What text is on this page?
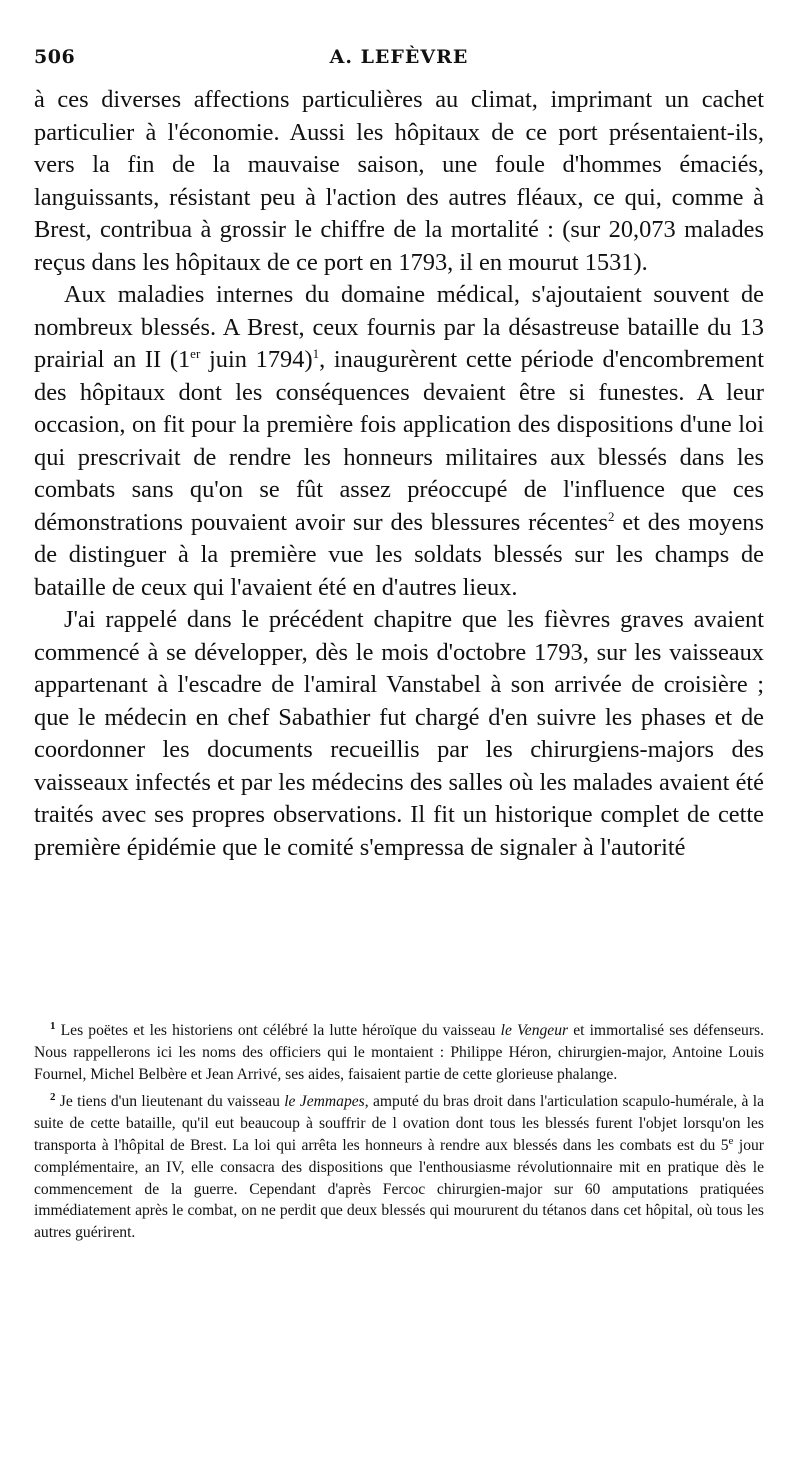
506	A. LEFÈVRE

à ces diverses affections particulières au climat, imprimant un cachet particulier à l'économie. Aussi les hôpitaux de ce port présentaient-ils, vers la fin de la mauvaise saison, une foule d'hommes émaciés, languissants, résistant peu à l'action des autres fléaux, ce qui, comme à Brest, contribua à grossir le chiffre de la mortalité : (sur 20,073 malades reçus dans les hôpitaux de ce port en 1793, il en mourut 1531).

Aux maladies internes du domaine médical, s'ajoutaient souvent de nombreux blessés. A Brest, ceux fournis par la désastreuse bataille du 13 prairial an II (1er juin 1794)$^1$, inaugurèrent cette période d'encombrement des hôpitaux dont les conséquences devaient être si funestes. A leur occasion, on fit pour la première fois application des dispositions d'une loi qui prescrivait de rendre les honneurs militaires aux blessés dans les combats sans qu'on se fût assez préoccupé de l'influence que ces démonstrations pouvaient avoir sur des blessures récentes$^2$ et des moyens de distinguer à la première vue les soldats blessés sur les champs de bataille de ceux qui l'avaient été en d'autres lieux.

J'ai rappelé dans le précédent chapitre que les fièvres graves avaient commencé à se développer, dès le mois d'octobre 1793, sur les vaisseaux appartenant à l'escadre de l'amiral Vanstabel à son arrivée de croisière ; que le médecin en chef Sabathier fut chargé d'en suivre les phases et de coordonner les documents recueillis par les chirurgiens-majors des vaisseaux infectés et par les médecins des salles où les malades avaient été traités avec ses propres observations. Il fit un historique complet de cette première épidémie que le comité s'empressa de signaler à l'autorité

$^1$ Les poëtes et les historiens ont célébré la lutte héroïque du vaisseau le Vengeur et immortalisé ses défenseurs. Nous rappellerons ici les noms des officiers qui le montaient : Philippe Héron, chirurgien-major, Antoine Louis Fournel, Michel Belbère et Jean Arrivé, ses aides, faisaient partie de cette glorieuse phalange.

$^2$ Je tiens d'un lieutenant du vaisseau le Jemmapes, amputé du bras droit dans l'articulation scapulo-humérale, à la suite de cette bataille, qu'il eut beaucoup à souffrir de l ovation dont tous les blessés furent l'objet lorsqu'on les transporta à l'hôpital de Brest. La loi qui arrêta les honneurs à rendre aux blessés dans les combats est du 5e jour complémentaire, an IV, elle consacra des dispositions que l'enthousiasme révolutionnaire mit en pratique dès le commencement de la guerre. Cependant d'après Fercoc chirurgien-major sur 60 amputations pratiquées immédiatement après le combat, on ne perdit que deux blessés qui moururent du tétanos dans cet hôpital, où tous les autres guérirent.
